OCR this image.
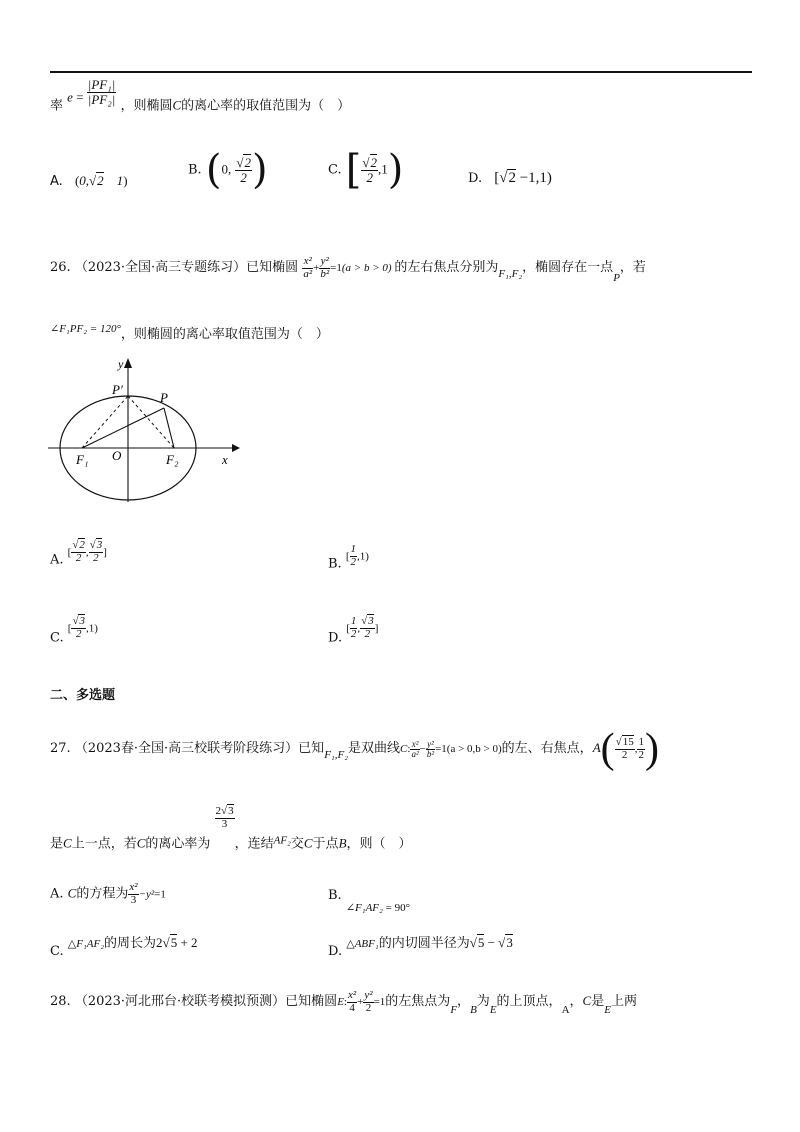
率 $e = \frac{\text{|PF₁|}}{\text{|PF₂|}}$ ，则椭圆C的离心率的取值范围为（　）
A. (0,√2　1)
B. (0, $\frac{√2}{2}$ )	C. [ $\frac{√2}{2} ,1$)	D. [√2 −1,1)
26. （2023·全国·高三专题练习）已知椭圆 $\frac{\text{x²}}{\text{a²}} + \frac{\text{y²}}{\text{b²}} =1(a > b > 0)$ 的左右焦点分别为$_{F_1,F_2}$，椭圆存在一点$_P$，若
$^{\angle F_1PF_2 = 120^\circ}$，则椭圆的离心率取值范围为（　）
y
x
O
P
P′
F₁	F₂
A. [ $\frac{√2}{2}$ , $\frac{√3}{2}$ ]
B. [ $\frac{1}{2} ,1$)
C. [ $\frac{√3}{2} ,1$)
D. [ $\frac{1}{2}$ , $\frac{√3}{2}$ ]
二、多选题
27. （2023春·全国·高三校联考阶段练习）已知$_{F_1,F_2}$是双曲线C: $\frac{\text{x²}}{\text{a²}} - \frac{\text{y²}}{\text{b²}} =1(a > 0,b > 0)$的左、右焦点，$A( \frac{√15}{2}$ , $\frac{1}{2}$ )
是C上一点，若C的离心率为
$\frac{2√3}{3}$
，连结$_{AF_2}$交C于点B，则（　）
A. C的方程为 $\frac{\text{x²}}{3} -y^2=1$	B. $_{\angle F_1AF_2 = 90^\circ}$
C. △F₁AF₂的周长为2√5 + 2
D. △ABF₁的内切圆半径为√5 − √3
28. （2023·河北邢台·校联考模拟预测）已知椭圆E: $\frac{\text{x²}}{4} + \frac{\text{y²}}{2} =1$的左焦点为$_F$，$_B$为$_E$的上顶点，$_A$，C是$_E$上两
